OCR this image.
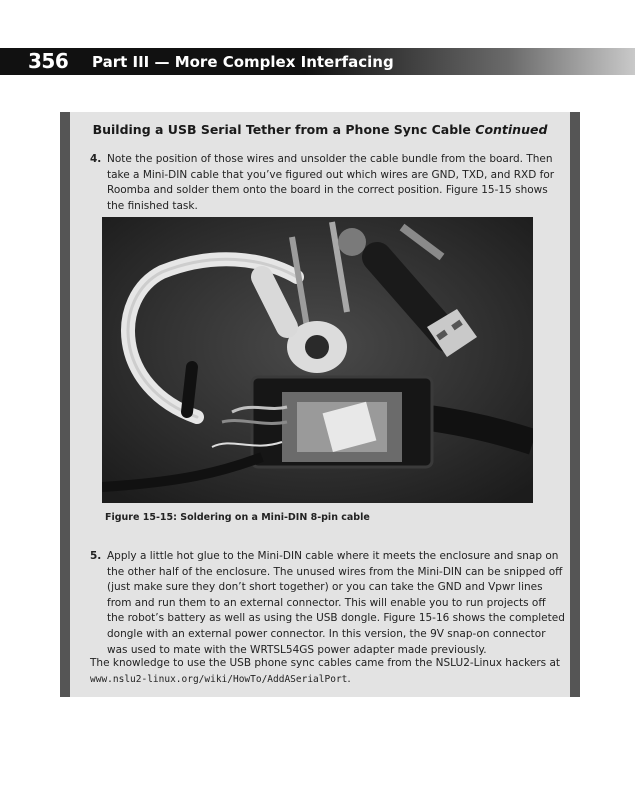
356 Part III — More Complex Interfacing
Building a USB Serial Tether from a Phone Sync Cable Continued
4. Note the position of those wires and unsolder the cable bundle from the board. Then take a Mini-DIN cable that you’ve figured out which wires are GND, TXD, and RXD for Roomba and solder them onto the board in the correct position. Figure 15-15 shows the finished task.
Figure 15-15: Soldering on a Mini-DIN 8-pin cable
5. Apply a little hot glue to the Mini-DIN cable where it meets the enclosure and snap on the other half of the enclosure. The unused wires from the Mini-DIN can be snipped off (just make sure they don’t short together) or you can take the GND and Vpwr lines from and run them to an external connector. This will enable you to run projects off the robot’s battery as well as using the USB dongle. Figure 15-16 shows the completed dongle with an external power connector. In this version, the 9V snap-on connector was used to mate with the WRTSL54GS power adapter made previously.
The knowledge to use the USB phone sync cables came from the NSLU2-Linux hackers at www.nslu2-linux.org/wiki/HowTo/AddASerialPort.
